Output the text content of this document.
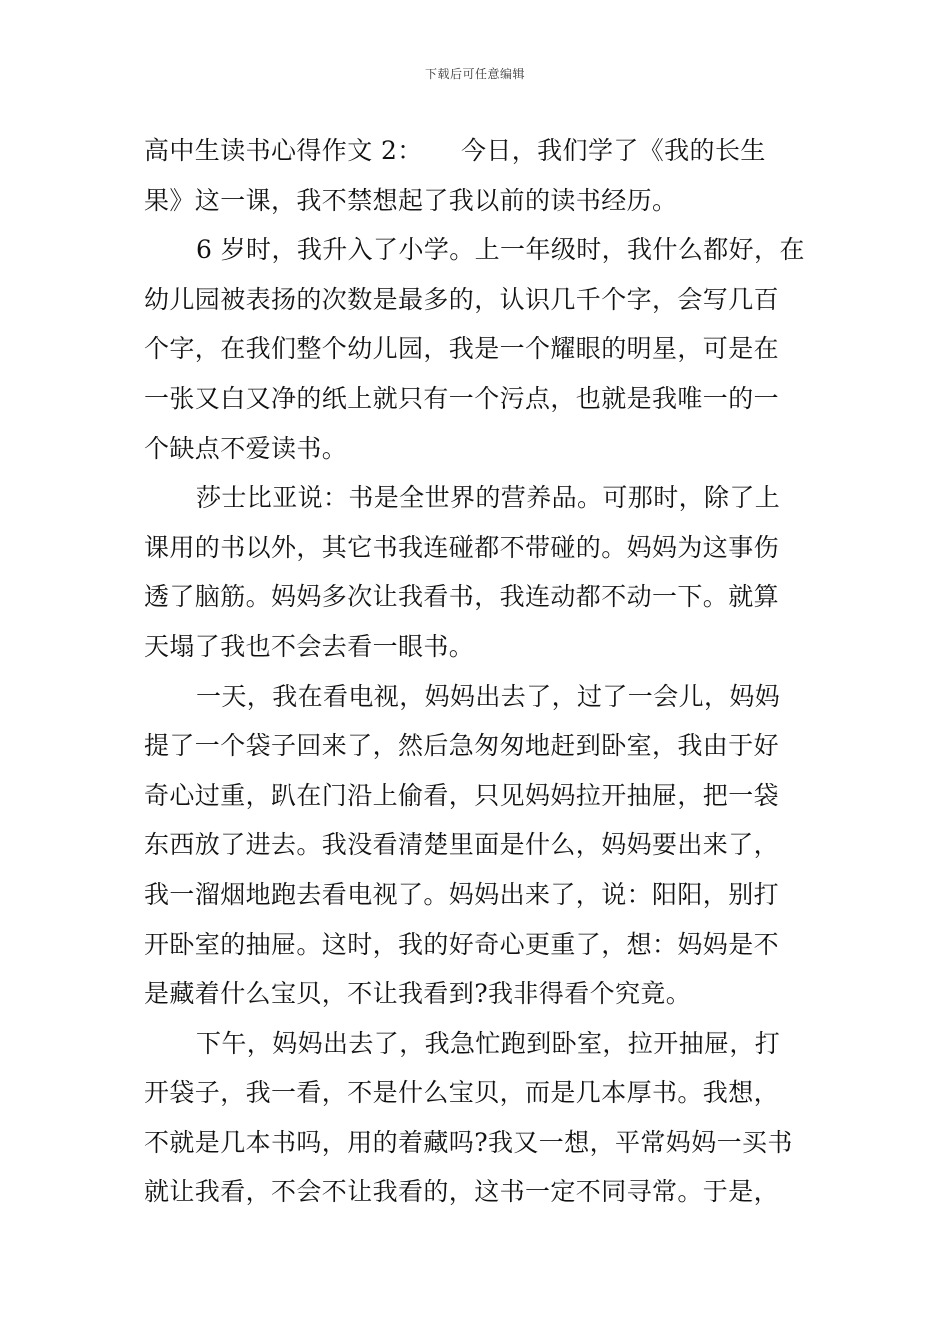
下载后可任意编辑
高中生读书心得作文 2：　　今日，我们学了《我的长生
果》这一课，我不禁想起了我以前的读书经历。
6 岁时，我升入了小学。上一年级时，我什么都好，在
幼儿园被表扬的次数是最多的，认识几千个字，会写几百
个字，在我们整个幼儿园，我是一个耀眼的明星，可是在
一张又白又净的纸上就只有一个污点，也就是我唯一的一
个缺点不爱读书。
莎士比亚说：书是全世界的营养品。可那时，除了上
课用的书以外，其它书我连碰都不带碰的。妈妈为这事伤
透了脑筋。妈妈多次让我看书，我连动都不动一下。就算
天塌了我也不会去看一眼书。
一天，我在看电视，妈妈出去了，过了一会儿，妈妈
提了一个袋子回来了，然后急匆匆地赶到卧室，我由于好
奇心过重，趴在门沿上偷看，只见妈妈拉开抽屉，把一袋
东西放了进去。我没看清楚里面是什么，妈妈要出来了，
我一溜烟地跑去看电视了。妈妈出来了，说：阳阳，别打
开卧室的抽屉。这时，我的好奇心更重了，想：妈妈是不
是藏着什么宝贝，不让我看到?我非得看个究竟。
下午，妈妈出去了，我急忙跑到卧室，拉开抽屉，打
开袋子，我一看，不是什么宝贝，而是几本厚书。我想，
不就是几本书吗，用的着藏吗?我又一想，平常妈妈一买书
就让我看，不会不让我看的，这书一定不同寻常。于是，
